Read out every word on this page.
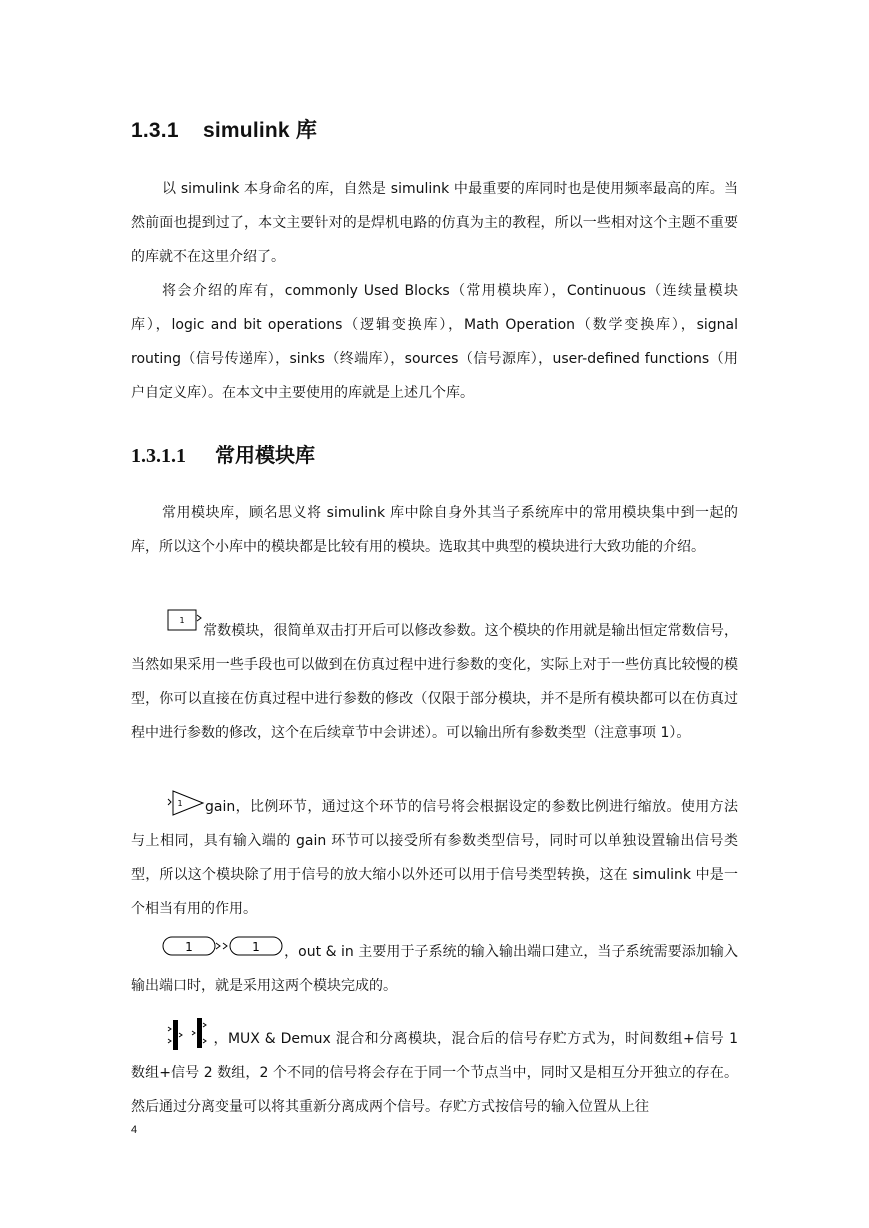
1.3.1 simulink 库

以 simulink 本身命名的库，自然是 simulink 中最重要的库同时也是使用频率最高的库。当然前面也提到过了，本文主要针对的是焊机电路的仿真为主的教程，所以一些相对这个主题不重要的库就不在这里介绍了。

将会介绍的库有，commonly Used Blocks（常用模块库），Continuous（连续量模块库），logic and bit operations（逻辑变换库），Math Operation（数学变换库），signal routing（信号传递库），sinks（终端库），sources（信号源库），user-defined functions（用户自定义库）。在本文中主要使用的库就是上述几个库。

1.3.1.1 常用模块库

常用模块库，顾名思义将 simulink 库中除自身外其当子系统库中的常用模块集中到一起的库，所以这个小库中的模块都是比较有用的模块。选取其中典型的模块进行大致功能的介绍。

1
常数模块，很简单双击打开后可以修改参数。这个模块的作用就是输出恒定常数信号，当然如果采用一些手段也可以做到在仿真过程中进行参数的变化，实际上对于一些仿真比较慢的模型，你可以直接在仿真过程中进行参数的修改（仅限于部分模块，并不是所有模块都可以在仿真过程中进行参数的修改，这个在后续章节中会讲述）。可以输出所有参数类型（注意事项 1）。

1 gain，比例环节，通过这个环节的信号将会根据设定的参数比例进行缩放。使用方法与上相同，具有输入端的 gain 环节可以接受所有参数类型信号，同时可以单独设置输出信号类型，所以这个模块除了用于信号的放大缩小以外还可以用于信号类型转换，这在 simulink 中是一个相当有用的作用。

1	1 ，out & in 主要用于子系统的输入输出端口建立，当子系统需要添加输入输出端口时，就是采用这两个模块完成的。

，MUX & Demux 混合和分离模块，混合后的信号存贮方式为，时间数组+信号 1 数组+信号 2 数组，2 个不同的信号将会存在于同一个节点当中，同时又是相互分开独立的存在。然后通过分离变量可以将其重新分离成两个信号。存贮方式按信号的输入位置从上往

4
